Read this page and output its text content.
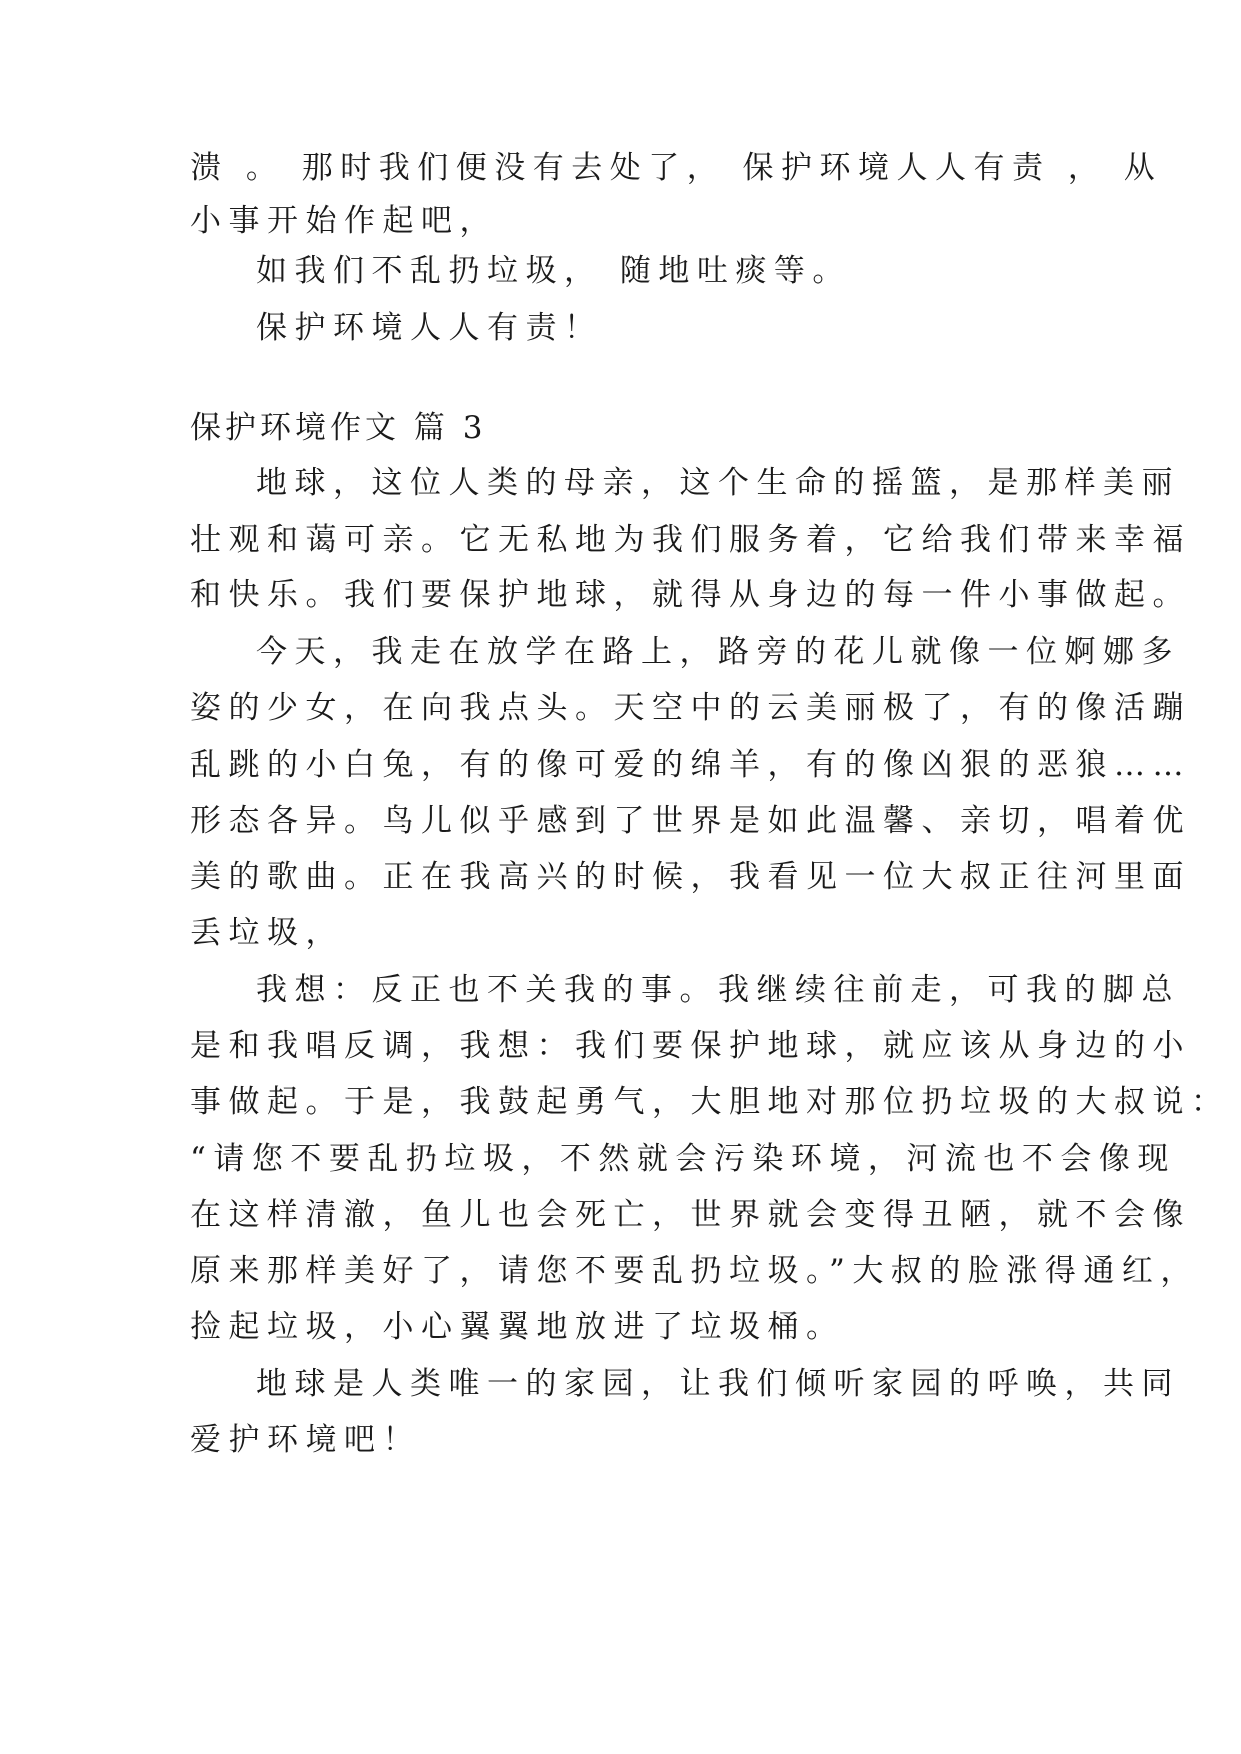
溃 。 那时我们便没有去处了， 保护环境人人有责 ， 从
小事开始作起吧，
如我们不乱扔垃圾， 随地吐痰等。
保护环境人人有责！
保护环境作文 篇 3
地球，这位人类的母亲，这个生命的摇篮，是那样美丽
壮观和蔼可亲。它无私地为我们服务着，它给我们带来幸福
和快乐。我们要保护地球，就得从身边的每一件小事做起。
今天，我走在放学在路上，路旁的花儿就像一位婀娜多
姿的少女，在向我点头。天空中的云美丽极了，有的像活蹦
乱跳的小白兔，有的像可爱的绵羊，有的像凶狠的恶狼……
形态各异。鸟儿似乎感到了世界是如此温馨、亲切，唱着优
美的歌曲。正在我高兴的时候，我看见一位大叔正往河里面
丢垃圾，
我想：反正也不关我的事。我继续往前走，可我的脚总
是和我唱反调，我想：我们要保护地球，就应该从身边的小
事做起。于是，我鼓起勇气，大胆地对那位扔垃圾的大叔说：
“请您不要乱扔垃圾，不然就会污染环境，河流也不会像现
在这样清澈，鱼儿也会死亡，世界就会变得丑陋，就不会像
原来那样美好了，请您不要乱扔垃圾。”大叔的脸涨得通红，
捡起垃圾，小心翼翼地放进了垃圾桶。
地球是人类唯一的家园，让我们倾听家园的呼唤，共同
爱护环境吧！
